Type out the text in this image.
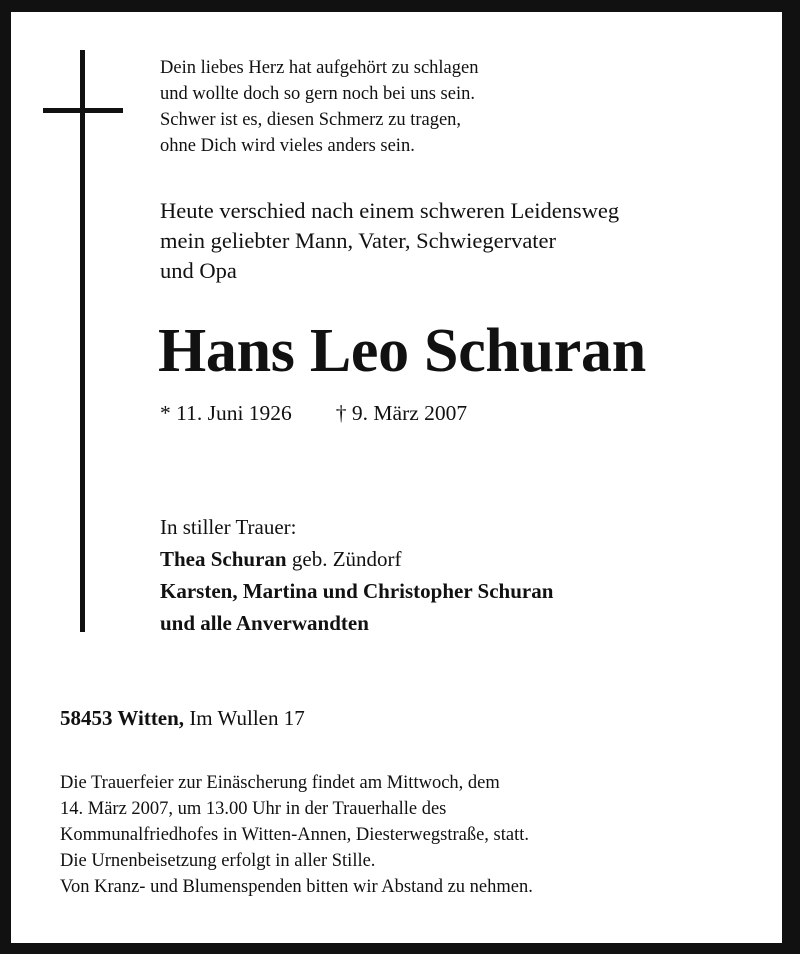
Dein liebes Herz hat aufgehört zu schlagen
und wollte doch so gern noch bei uns sein.
Schwer ist es, diesen Schmerz zu tragen,
ohne Dich wird vieles anders sein.
Heute verschied nach einem schweren Leidensweg
mein geliebter Mann, Vater, Schwiegervater
und Opa
Hans Leo Schuran
* 11. Juni 1926 † 9. März 2007
In stiller Trauer:
Thea Schuran geb. Zündorf
Karsten, Martina und Christopher Schuran
und alle Anverwandten
58453 Witten, Im Wullen 17
Die Trauerfeier zur Einäscherung findet am Mittwoch, dem
14. März 2007, um 13.00 Uhr in der Trauerhalle des
Kommunalfriedhofes in Witten-Annen, Diesterwegstraße, statt.
Die Urnenbeisetzung erfolgt in aller Stille.
Von Kranz- und Blumenspenden bitten wir Abstand zu nehmen.
